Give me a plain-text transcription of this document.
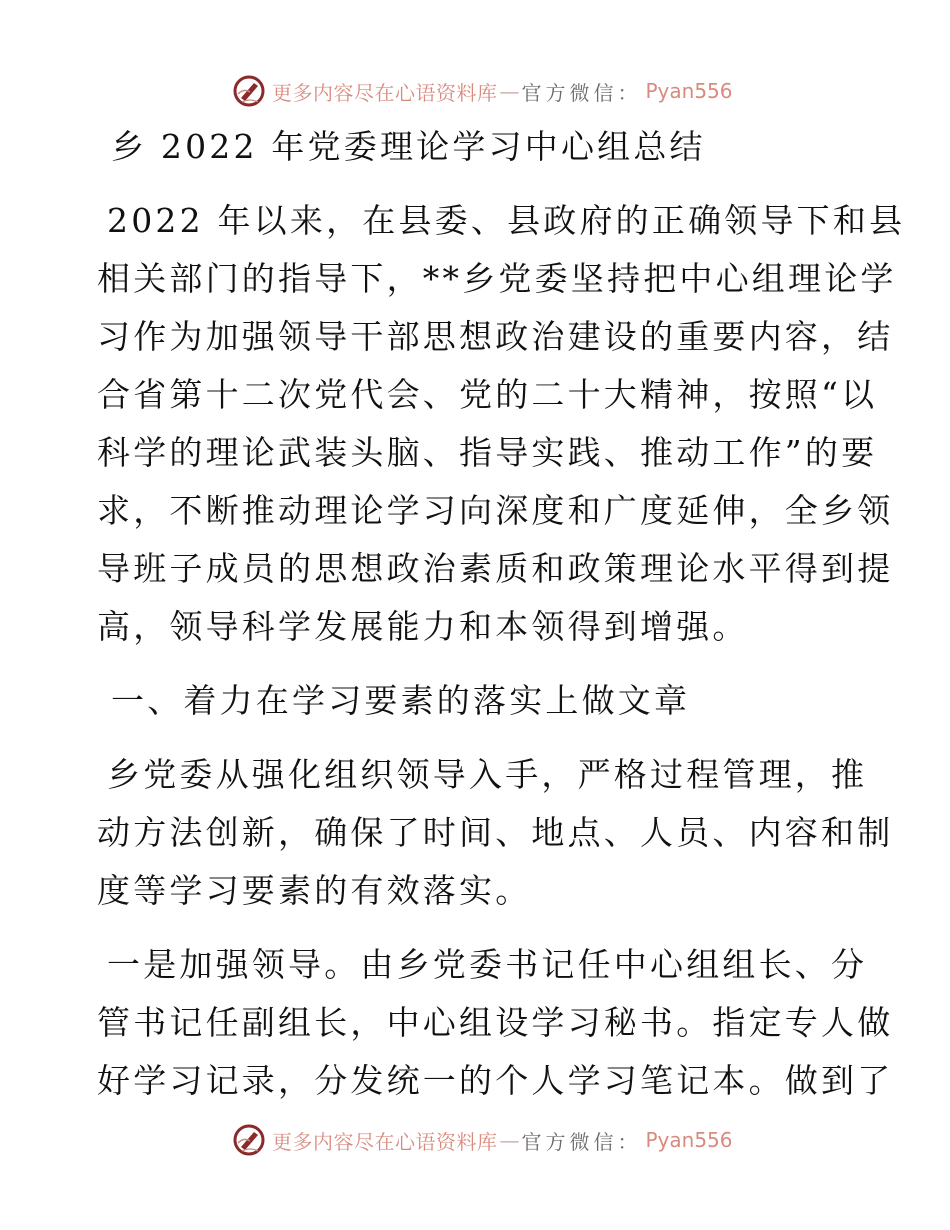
更多内容尽在心语资料库 — 官方微信： Pyan556
乡 2022 年党委理论学习中心组总结
2022 年以来，在县委、县政府的正确领导下和县
相关部门的指导下，**乡党委坚持把中心组理论学
习作为加强领导干部思想政治建设的重要内容，结
合省第十二次党代会、党的二十大精神，按照“以
科学的理论武装头脑、指导实践、推动工作”的要
求，不断推动理论学习向深度和广度延伸，全乡领
导班子成员的思想政治素质和政策理论水平得到提
高，领导科学发展能力和本领得到增强。
一、着力在学习要素的落实上做文章
乡党委从强化组织领导入手，严格过程管理，推
动方法创新，确保了时间、地点、人员、内容和制
度等学习要素的有效落实。
一是加强领导。由乡党委书记任中心组组长、分
管书记任副组长，中心组设学习秘书。指定专人做
好学习记录，分发统一的个人学习笔记本。做到了
更多内容尽在心语资料库 — 官方微信： Pyan556
